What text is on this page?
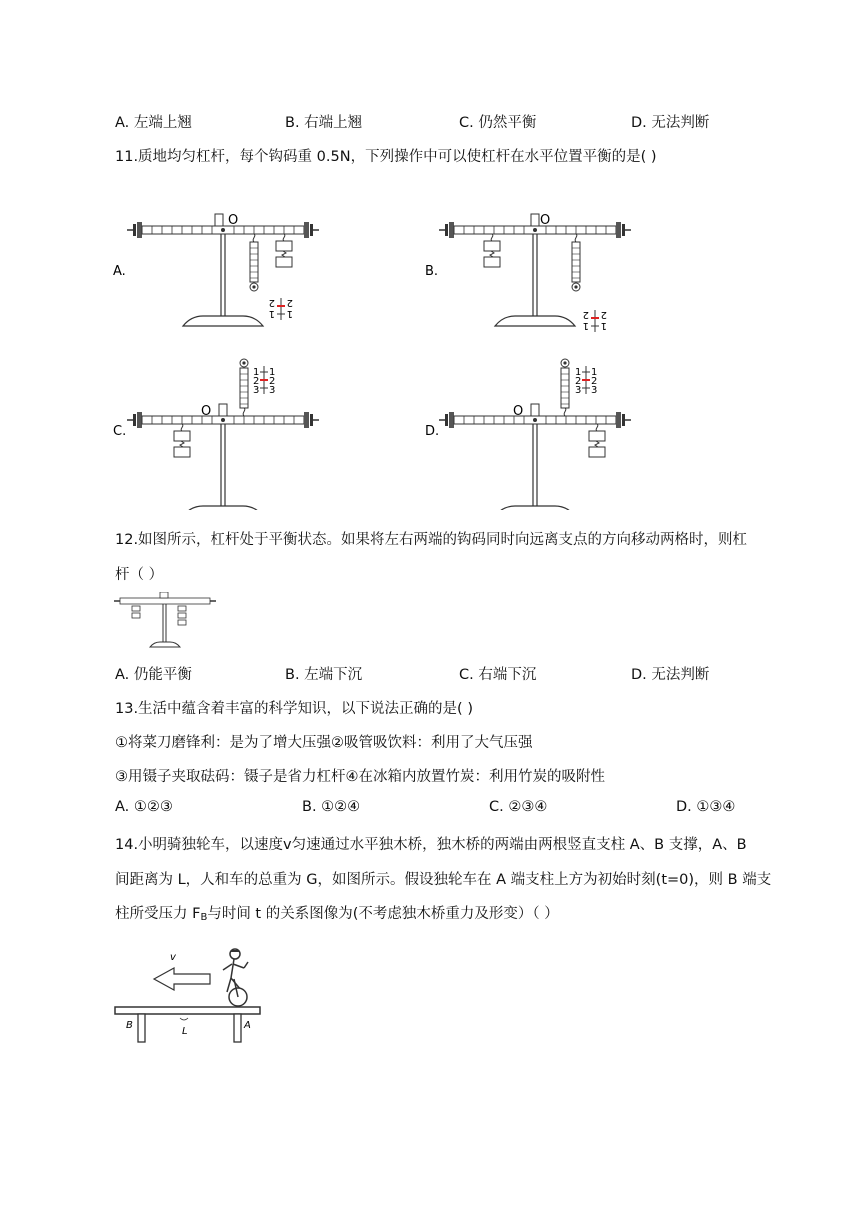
A. 左端上翘	B. 右端上翘	C. 仍然平衡	D. 无法判断
11.质地均匀杠杆，每个钩码重 0.5N，下列操作中可以使杠杆在水平位置平衡的是( )
O
1
2
1
2
A.
O
1
2
1
2
B.
O
1
2
3
1
2
3
C.
O
1
2
3
1
2
3
D.
12.如图所示，杠杆处于平衡状态。如果将左右两端的钩码同时向远离支点的方向移动两格时，则杠
杆（ ）
A. 仍能平衡	B. 左端下沉	C. 右端下沉	D. 无法判断
13.生活中蕴含着丰富的科学知识，以下说法正确的是( )
①将菜刀磨锋利：是为了增大压强②吸管吸饮料：利用了大气压强
③用镊子夹取砝码：镊子是省力杠杆④在冰箱内放置竹炭：利用竹炭的吸附性
A. ①②③	B. ①②④	C. ②③④	D. ①③④
14.小明骑独轮车，以速度v匀速通过水平独木桥，独木桥的两端由两根竖直支柱 A、B 支撑，A、B
间距离为 L，人和车的总重为 G，如图所示。假设独轮车在 A 端支柱上方为初始时刻(t=0)，则 B 端支
柱所受压力 FB与时间 t 的关系图像为(不考虑独木桥重力及形变）（ ）
v
B	A
L
